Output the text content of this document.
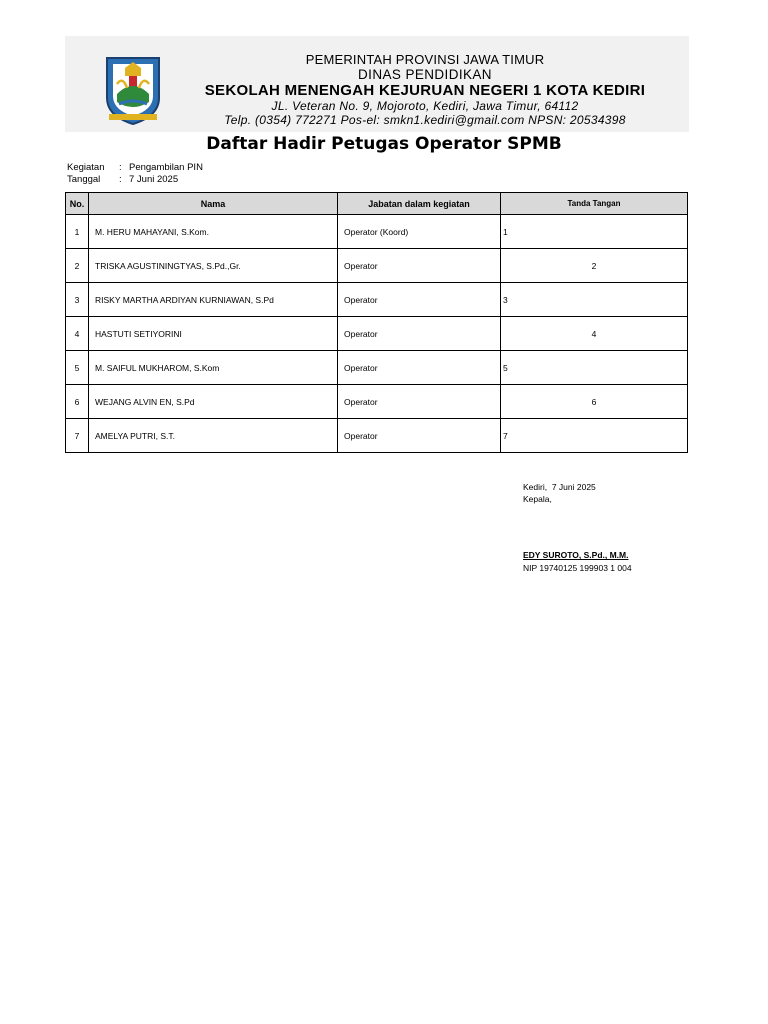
PEMERINTAH PROVINSI JAWA TIMUR
DINAS PENDIDIKAN
SEKOLAH MENENGAH KEJURUAN NEGERI 1 KOTA KEDIRI
JL. Veteran No. 9, Mojoroto, Kediri, Jawa Timur, 64112
Telp. (0354) 772271 Pos-el: smkn1.kediri@gmail.com NPSN: 20534398
Daftar Hadir Petugas Operator SPMB
Kegiatan	: Pengambilan PIN
Tanggal	: 7 Juni 2025
No.	Nama	Jabatan dalam kegiatan	Tanda Tangan
1	M. HERU MAHAYANI, S.Kom.	Operator (Koord)	1

2	TRISKA AGUSTININGTYAS, S.Pd.,Gr.	Operator	2

3	RISKY MARTHA ARDIYAN KURNIAWAN, S.Pd	Operator	3

4	HASTUTI SETIYORINI	Operator	4

5	M. SAIFUL MUKHAROM, S.Kom	Operator	5

6	WEJANG ALVIN EN, S.Pd	Operator	6

7	AMELYA PUTRI, S.T.	Operator	7
Kediri,  7 Juni 2025
Kepala,
EDY SUROTO, S.Pd., M.M.
NIP 19740125 199903 1 004
